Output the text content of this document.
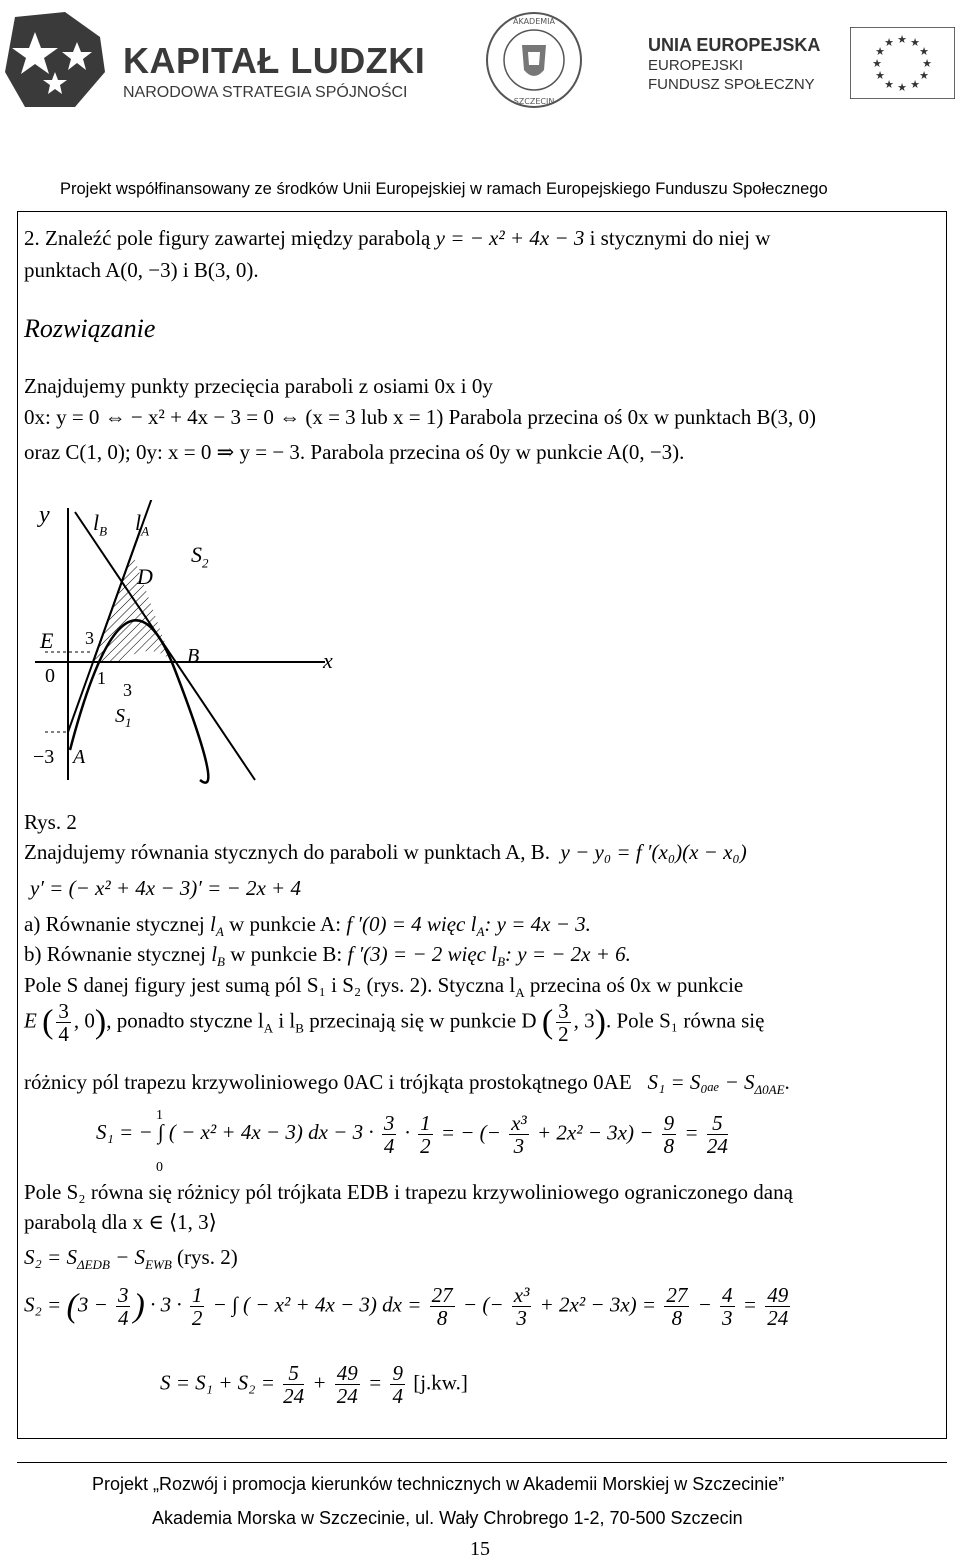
KAPITAŁ LUDZKI
NARODOWA STRATEGIA SPÓJNOŚCI
AKADEMIA
SZCZECIN
UNIA EUROPEJSKA
EUROPEJSKI
FUNDUSZ SPOŁECZNY
★ ★
★
★
★
★
★
★
★
★
★
★
Projekt współfinansowany ze środków Unii Europejskiej w ramach Europejskiego Funduszu Społecznego
2. Znaleźć pole figury zawartej między parabolą y = − x² + 4x − 3 i stycznymi do niej w
punktach A(0, −3) i B(3, 0).
Rozwiązanie
Znajdujemy punkty przecięcia paraboli z osiami 0x i 0y
0x: y = 0 ⇔ − x² + 4x − 3 = 0 ⇔ (x = 3 lub x = 1) Parabola przecina oś 0x w punktach B(3, 0)
oraz C(1, 0); 0y: x = 0 ⇒ y = − 3. Parabola przecina oś 0y w punkcie A(0, −3).
y $l_B$ $l_A$
$S_2$
D
3
E
0 1
3
B	x
$S_1$
−3 A
Rys. 2
Znajdujemy równania stycznych do paraboli w punktach A, B. y − y₀ = f ′(x₀)(x − x₀)
y′ = (− x² + 4x − 3)′ = − 2x + 4
a) Równanie stycznej $l_A$ w punkcie A: f ′(0) = 4 więc $l_A$: y = 4x − 3.
b) Równanie stycznej $l_B$ w punkcie B: f ′(3) = − 2 więc $l_B$: y = − 2x + 6.
Pole S danej figury jest sumą pól S₁ i S₂ (rys. 2). Styczna $l_A$ przecina oś 0x w punkcie
E ( $\frac{3}{4}$ , 0), ponadto styczne $l_A$ i $l_B$ przecinają się w punkcie D ( $\frac{3}{2}$ , 3). Pole S₁ równa się
różnicy pól trapezu krzywoliniowego 0AC i trójkąta prostokątnego 0AE $S_1 = S_{0ae} - S_{\Delta 0AE}$.
S₁ = − ∫ ( − x² + 4x − 3) dx − $3 \cdot \frac{3}{4} \cdot \frac{1}{2}$ = − (− $\frac{\text{x³}}{3} + 2x^2 - 3x) - \frac{9}{8} = \frac{5}{24}$
1
0
Pole S₂ równa się różnicy pól trójkata EDB i trapezu krzywoliniowego ograniczonego daną
parabolą dla x ∈ ⟨1, 3⟩
$S_2 = S_{\Delta EDB} - S_{EWB}$ (rys. 2)
$S_2 = (3 - \frac{3}{4}$ ) · $3 \cdot \frac{1}{2}$ − ∫ ( − x² + 4x − 3) dx = $\frac{27}{8}$ − (− $\frac{\text{x³}}{3} + 2x^2 - 3x) = \frac{27}{8} - \frac{4}{3} = \frac{49}{24}$
$S = S_1 + S_2 = \frac{5}{24} + \frac{49}{24} = \frac{9}{4} [j.kw.]$
Projekt „Rozwój i promocja kierunków technicznych w Akademii Morskiej w Szczecinie”
Akademia Morska w Szczecinie, ul. Wały Chrobrego 1-2, 70-500 Szczecin
15
